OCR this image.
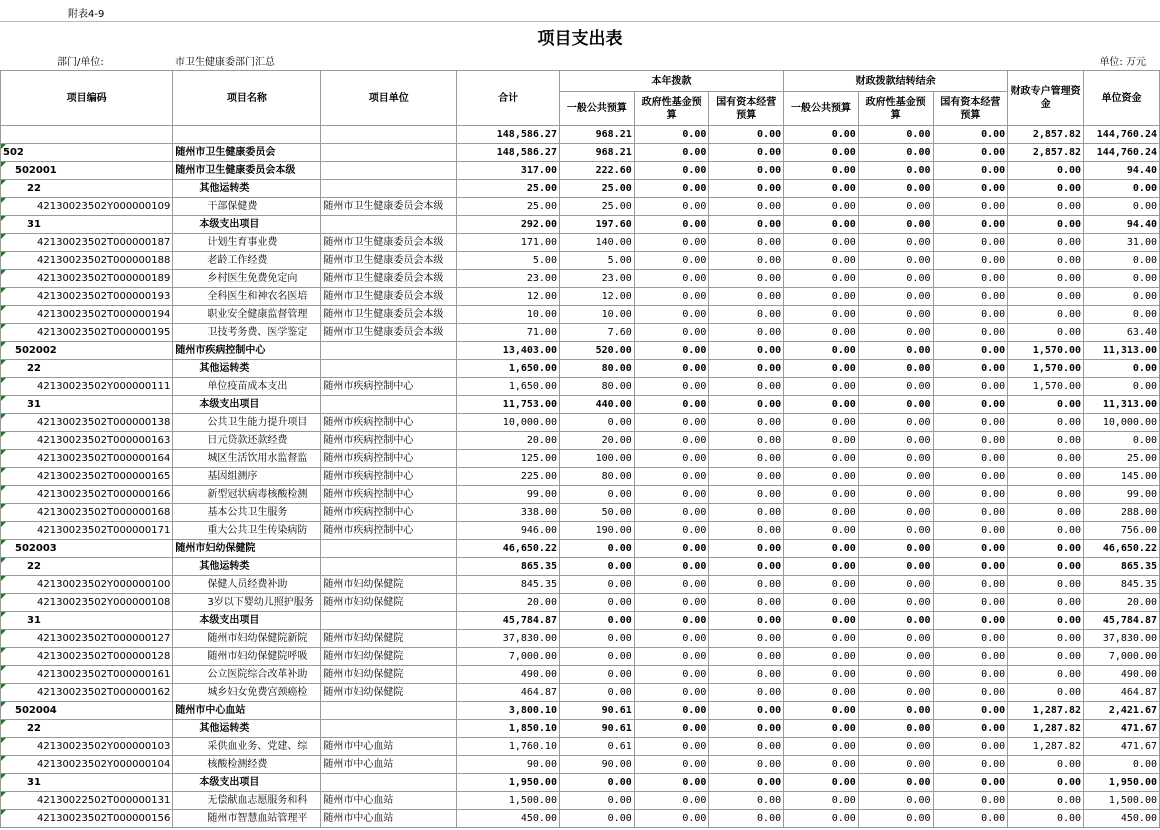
附表4-9
项目支出表
部门/单位:	市卫生健康委部门汇总	单位: 万元
项目编码	项目名称	项目单位	合计	本年拨款			财政拨款结转结余			财政专户管理资金	单位资金
				一般公共预算	政府性基金预算	国有资本经营预算	一般公共预算	政府性基金预算	国有资本经营预算		
			148,586.27	968.21	0.00	0.00	0.00	0.00	0.00	2,857.82	144,760.24

502	随州市卫生健康委员会		148,586.27	968.21	0.00	0.00	0.00	0.00	0.00	2,857.82	144,760.24

502001	随州市卫生健康委员会本级		317.00	222.60	0.00	0.00	0.00	0.00	0.00	0.00	94.40

22	其他运转类		25.00	25.00	0.00	0.00	0.00	0.00	0.00	0.00	0.00

42130023502Y000000109	干部保健费	随州市卫生健康委员会本级	25.00	25.00	0.00	0.00	0.00	0.00	0.00	0.00	0.00

31	本级支出项目		292.00	197.60	0.00	0.00	0.00	0.00	0.00	0.00	94.40

42130023502T000000187	计划生育事业费	随州市卫生健康委员会本级	171.00	140.00	0.00	0.00	0.00	0.00	0.00	0.00	31.00

42130023502T000000188	老龄工作经费	随州市卫生健康委员会本级	5.00	5.00	0.00	0.00	0.00	0.00	0.00	0.00	0.00

42130023502T000000189	乡村医生免费免定向	随州市卫生健康委员会本级	23.00	23.00	0.00	0.00	0.00	0.00	0.00	0.00	0.00

42130023502T000000193	全科医生和神农名医培	随州市卫生健康委员会本级	12.00	12.00	0.00	0.00	0.00	0.00	0.00	0.00	0.00

42130023502T000000194	职业安全健康监督管理	随州市卫生健康委员会本级	10.00	10.00	0.00	0.00	0.00	0.00	0.00	0.00	0.00

42130023502T000000195	卫技考务费、医学鉴定	随州市卫生健康委员会本级	71.00	7.60	0.00	0.00	0.00	0.00	0.00	0.00	63.40

502002	随州市疾病控制中心		13,403.00	520.00	0.00	0.00	0.00	0.00	0.00	1,570.00	11,313.00

22	其他运转类		1,650.00	80.00	0.00	0.00	0.00	0.00	0.00	1,570.00	0.00

42130023502Y000000111	单位疫苗成本支出	随州市疾病控制中心	1,650.00	80.00	0.00	0.00	0.00	0.00	0.00	1,570.00	0.00

31	本级支出项目		11,753.00	440.00	0.00	0.00	0.00	0.00	0.00	0.00	11,313.00

42130023502T000000138	公共卫生能力提升项目	随州市疾病控制中心	10,000.00	0.00	0.00	0.00	0.00	0.00	0.00	0.00	10,000.00

42130023502T000000163	日元贷款还款经费	随州市疾病控制中心	20.00	20.00	0.00	0.00	0.00	0.00	0.00	0.00	0.00

42130023502T000000164	城区生活饮用水监督监	随州市疾病控制中心	125.00	100.00	0.00	0.00	0.00	0.00	0.00	0.00	25.00

42130023502T000000165	基因组测序	随州市疾病控制中心	225.00	80.00	0.00	0.00	0.00	0.00	0.00	0.00	145.00

42130023502T000000166	新型冠状病毒核酸检测	随州市疾病控制中心	99.00	0.00	0.00	0.00	0.00	0.00	0.00	0.00	99.00

42130023502T000000168	基本公共卫生服务	随州市疾病控制中心	338.00	50.00	0.00	0.00	0.00	0.00	0.00	0.00	288.00

42130023502T000000171	重大公共卫生传染病防	随州市疾病控制中心	946.00	190.00	0.00	0.00	0.00	0.00	0.00	0.00	756.00

502003	随州市妇幼保健院		46,650.22	0.00	0.00	0.00	0.00	0.00	0.00	0.00	46,650.22

22	其他运转类		865.35	0.00	0.00	0.00	0.00	0.00	0.00	0.00	865.35

42130023502Y000000100	保健人员经费补助	随州市妇幼保健院	845.35	0.00	0.00	0.00	0.00	0.00	0.00	0.00	845.35

42130023502Y000000108	3岁以下婴幼儿照护服务	随州市妇幼保健院	20.00	0.00	0.00	0.00	0.00	0.00	0.00	0.00	20.00

31	本级支出项目		45,784.87	0.00	0.00	0.00	0.00	0.00	0.00	0.00	45,784.87

42130023502T000000127	随州市妇幼保健院新院	随州市妇幼保健院	37,830.00	0.00	0.00	0.00	0.00	0.00	0.00	0.00	37,830.00

42130023502T000000128	随州市妇幼保健院呼吸	随州市妇幼保健院	7,000.00	0.00	0.00	0.00	0.00	0.00	0.00	0.00	7,000.00

42130023502T000000161	公立医院综合改革补助	随州市妇幼保健院	490.00	0.00	0.00	0.00	0.00	0.00	0.00	0.00	490.00

42130023502T000000162	城乡妇女免费宫颈癌检	随州市妇幼保健院	464.87	0.00	0.00	0.00	0.00	0.00	0.00	0.00	464.87

502004	随州市中心血站		3,800.10	90.61	0.00	0.00	0.00	0.00	0.00	1,287.82	2,421.67

22	其他运转类		1,850.10	90.61	0.00	0.00	0.00	0.00	0.00	1,287.82	471.67

42130023502Y000000103	采供血业务、党建、综	随州市中心血站	1,760.10	0.61	0.00	0.00	0.00	0.00	0.00	1,287.82	471.67

42130023502Y000000104	核酸检测经费	随州市中心血站	90.00	90.00	0.00	0.00	0.00	0.00	0.00	0.00	0.00

31	本级支出项目		1,950.00	0.00	0.00	0.00	0.00	0.00	0.00	0.00	1,950.00

42130022502T000000131	无偿献血志愿服务和科	随州市中心血站	1,500.00	0.00	0.00	0.00	0.00	0.00	0.00	0.00	1,500.00

42130023502T000000156	随州市智慧血站管理平	随州市中心血站	450.00	0.00	0.00	0.00	0.00	0.00	0.00	0.00	450.00
